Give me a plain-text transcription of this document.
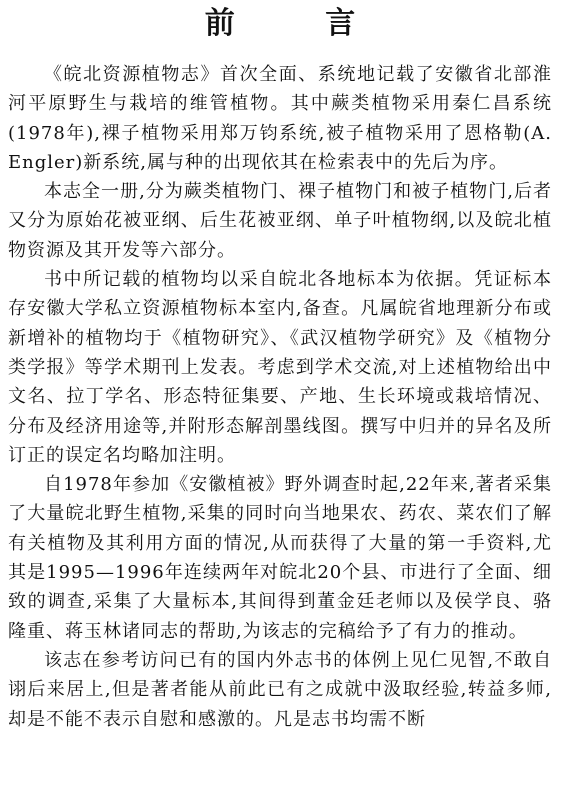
前 言

《皖北资源植物志》首次全面、系统地记载了安徽省北部淮河平原野生与栽培的维管植物。其中蕨类植物采用秦仁昌系统(1978年),裸子植物采用郑万钧系统,被子植物采用了恩格勒(A. Engler)新系统,属与种的出现依其在检索表中的先后为序。

本志全一册,分为蕨类植物门、裸子植物门和被子植物门,后者又分为原始花被亚纲、后生花被亚纲、单子叶植物纲,以及皖北植物资源及其开发等六部分。

书中所记载的植物均以采自皖北各地标本为依据。凭证标本存安徽大学私立资源植物标本室内,备查。凡属皖省地理新分布或新增补的植物均于《植物研究》、《武汉植物学研究》及《植物分类学报》等学术期刊上发表。考虑到学术交流,对上述植物给出中文名、拉丁学名、形态特征集要、产地、生长环境或栽培情况、分布及经济用途等,并附形态解剖墨线图。撰写中归并的异名及所订正的误定名均略加注明。

自1978年参加《安徽植被》野外调查时起,22年来,著者采集了大量皖北野生植物,采集的同时向当地果农、药农、菜农们了解有关植物及其利用方面的情况,从而获得了大量的第一手资料,尤其是1995—1996年连续两年对皖北20个县、市进行了全面、细致的调查,采集了大量标本,其间得到董金廷老师以及侯学良、骆隆重、蒋玉林诸同志的帮助,为该志的完稿给予了有力的推动。

该志在参考访问已有的国内外志书的体例上见仁见智,不敢自诩后来居上,但是著者能从前此已有之成就中汲取经验,转益多师,却是不能不表示自慰和感激的。凡是志书均需不断
